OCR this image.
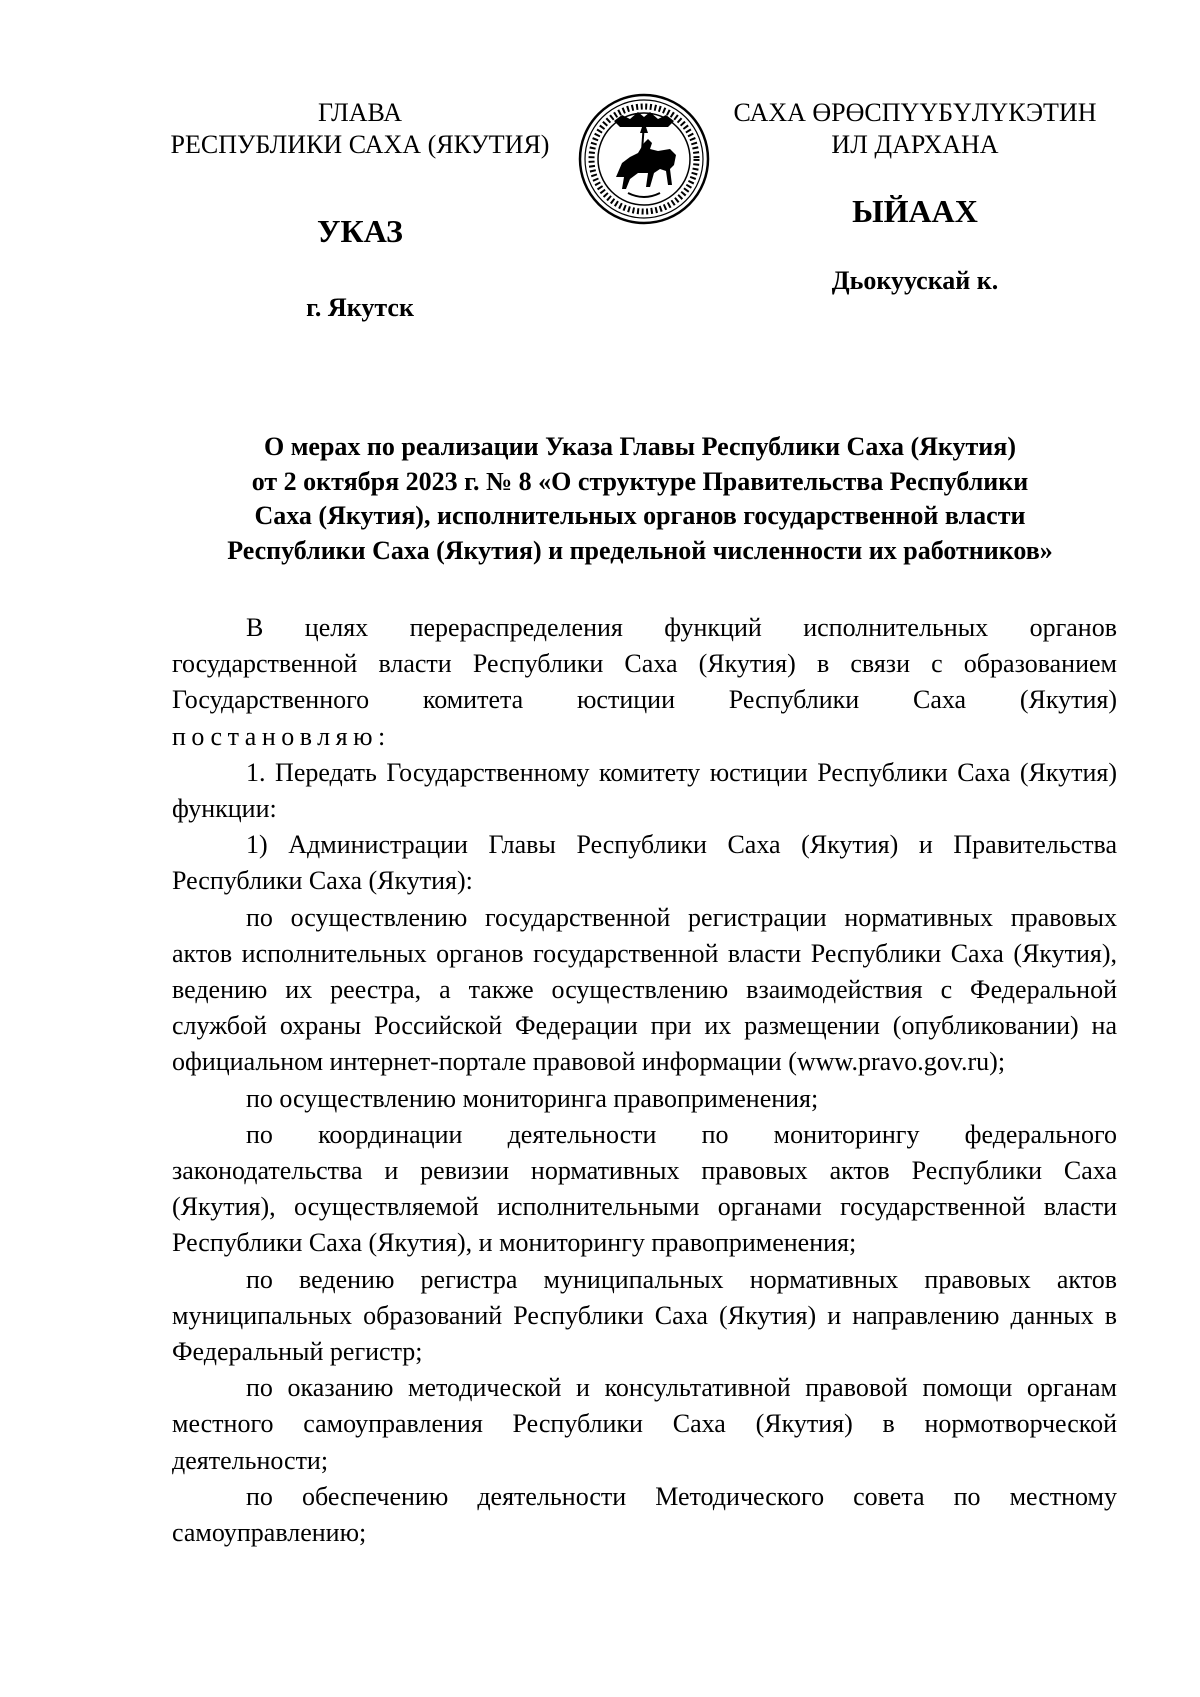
ГЛАВА
РЕСПУБЛИКИ САХА (ЯКУТИЯ)
УКАЗ
г. Якутск
САХА ӨРӨСПҮҮБҮЛҮКЭТИН
ИЛ ДАРХАНА
ЫЙААХ
Дьокуускай к.
О мерах по реализации Указа Главы Республики Саха (Якутия)
от 2 октября 2023 г. № 8 «О структуре Правительства Республики
Саха (Якутия), исполнительных органов государственной власти
Республики Саха (Якутия) и предельной численности их работников»

В целях перераспределения функций исполнительных органов государственной власти Республики Саха (Якутия) в связи с образованием Государственного комитета юстиции Республики Саха (Якутия)

постановляю:

1. Передать Государственному комитету юстиции Республики Саха (Якутия) функции:

1) Администрации Главы Республики Саха (Якутия) и Правительства Республики Саха (Якутия):

по осуществлению государственной регистрации нормативных правовых актов исполнительных органов государственной власти Республики Саха (Якутия), ведению их реестра, а также осуществлению взаимодействия с Федеральной службой охраны Российской Федерации при их размещении (опубликовании) на официальном интернет-портале правовой информации (www.pravo.gov.ru);

по осуществлению мониторинга правоприменения;

по координации деятельности по мониторингу федерального законодательства и ревизии нормативных правовых актов Республики Саха (Якутия), осуществляемой исполнительными органами государственной власти Республики Саха (Якутия), и мониторингу правоприменения;

по ведению регистра муниципальных нормативных правовых актов муниципальных образований Республики Саха (Якутия) и направлению данных в Федеральный регистр;

по оказанию методической и консультативной правовой помощи органам местного самоуправления Республики Саха (Якутия) в нормотворческой деятельности;

по обеспечению деятельности Методического совета по местному самоуправлению;
